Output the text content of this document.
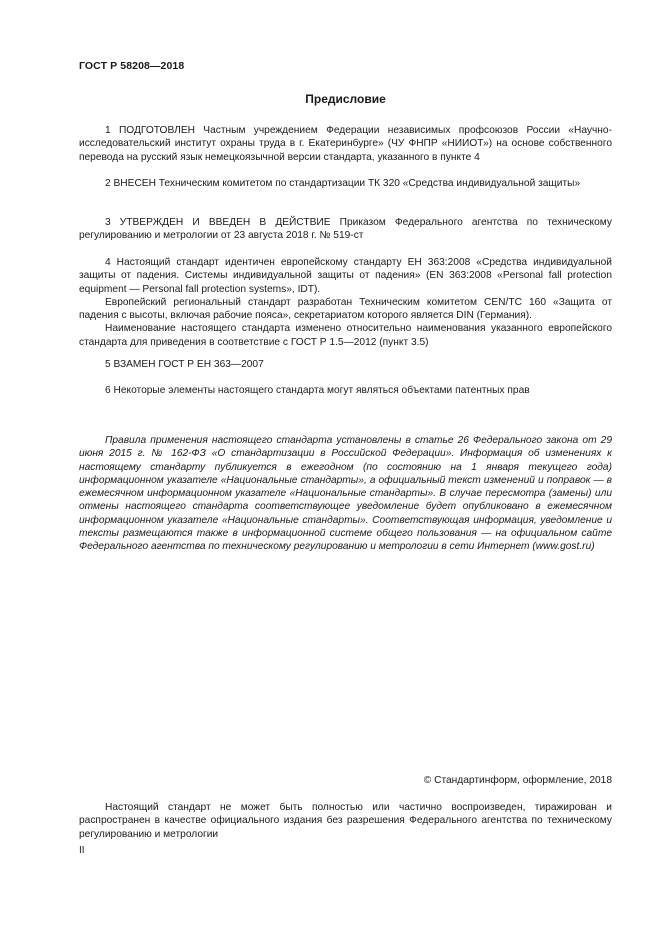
ГОСТ Р 58208—2018
Предисловие

1 ПОДГОТОВЛЕН Частным учреждением Федерации независимых профсоюзов России «Научно-исследовательский институт охраны труда в г. Екатеринбурге» (ЧУ ФНПР «НИИОТ») на основе собственного перевода на русский язык немецкоязычной версии стандарта, указанного в пункте 4

2 ВНЕСЕН Техническим комитетом по стандартизации ТК 320 «Средства индивидуальной защиты»

3 УТВЕРЖДЕН И ВВЕДЕН В ДЕЙСТВИЕ Приказом Федерального агентства по техническому регулированию и метрологии от 23 августа 2018 г. № 519-ст

4 Настоящий стандарт идентичен европейскому стандарту ЕН 363:2008 «Средства индивидуальной защиты от падения. Системы индивидуальной защиты от падения» (EN 363:2008 «Personal fall protection equipment — Personal fall protection systems», IDT).

Европейский региональный стандарт разработан Техническим комитетом CEN/TC 160 «Защита от падения с высоты, включая рабочие пояса», секретариатом которого является DIN (Германия).

Наименование настоящего стандарта изменено относительно наименования указанного европейского стандарта для приведения в соответствие с ГОСТ Р 1.5—2012 (пункт 3.5)

5 ВЗАМЕН ГОСТ Р ЕН 363—2007

6 Некоторые элементы настоящего стандарта могут являться объектами патентных прав

Правила применения настоящего стандарта установлены в статье 26 Федерального закона от 29 июня 2015 г. № 162-ФЗ «О стандартизации в Российской Федерации». Информация об изменениях к настоящему стандарту публикуется в ежегодном (по состоянию на 1 января текущего года) информационном указателе «Национальные стандарты», а официальный текст изменений и поправок — в ежемесячном информационном указателе «Национальные стандарты». В случае пересмотра (замены) или отмены настоящего стандарта соответствующее уведомление будет опубликовано в ежемесячном информационном указателе «Национальные стандарты». Соответствующая информация, уведомление и тексты размещаются также в информационной системе общего пользования — на официальном сайте Федерального агентства по техническому регулированию и метрологии в сети Интернет (www.gost.ru)

© Стандартинформ, оформление, 2018

Настоящий стандарт не может быть полностью или частично воспроизведен, тиражирован и распространен в качестве официального издания без разрешения Федерального агентства по техническому регулированию и метрологии

II
